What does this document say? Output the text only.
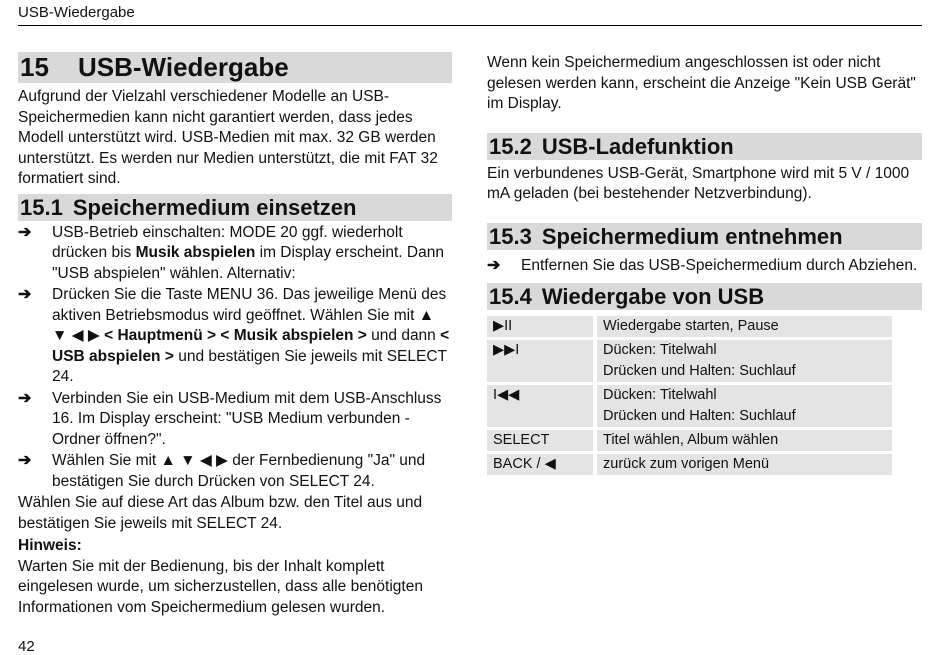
USB-Wiedergabe
15 USB-Wiedergabe

Aufgrund der Vielzahl verschiedener Modelle an USB-Speichermedien kann nicht garantiert werden, dass jedes Modell unterstützt wird. USB-Medien mit max. 32 GB werden unterstützt. Es werden nur Medien unterstützt, die mit FAT 32 formatiert sind.

15.1 Speichermedium einsetzen
➔ USB-Betrieb einschalten: MODE 20 ggf. wiederholt drücken bis Musik abspielen im Display erscheint. Dann "USB abspielen" wählen. Alternativ:
➔ Drücken Sie die Taste MENU 36. Das jeweilige Menü des aktiven Betriebsmodus wird geöffnet. Wählen Sie mit ▲ ▼ ◀ ▶ < Hauptmenü > < Musik abspielen > und dann < USB abspielen > und bestätigen Sie jeweils mit SELECT 24.
➔ Verbinden Sie ein USB-Medium mit dem USB-Anschluss 16. Im Display erscheint: "USB Medium verbunden - Ordner öffnen?".
➔ Wählen Sie mit ▲ ▼ ◀ ▶ der Fernbedienung "Ja" und bestätigen Sie durch Drücken von SELECT 24.

Wählen Sie auf diese Art das Album bzw. den Titel aus und bestätigen Sie jeweils mit SELECT 24.

Hinweis:

Warten Sie mit der Bedienung, bis der Inhalt komplett eingelesen wurde, um sicherzustellen, dass alle benötigten Informationen vom Speichermedium gelesen wurden.

Wenn kein Speichermedium angeschlossen ist oder nicht gelesen werden kann, erscheint die Anzeige "Kein USB Gerät" im Display.

15.2 USB-Ladefunktion

Ein verbundenes USB-Gerät, Smartphone wird mit 5 V / 1000 mA geladen (bei bestehender Netzverbindung).

15.3 Speichermedium entnehmen
➔ Entfernen Sie das USB-Speichermedium durch Abziehen.
15.4 Wiedergabe von USB
▶II	Wiedergabe starten, Pause

▶▶I	Dücken: Titelwahl
Drücken und Halten: Suchlauf

I◀◀	Dücken: Titelwahl
Drücken und Halten: Suchlauf

SELECT	Titel wählen, Album wählen

BACK / ◀	zurück zum vorigen Menü
42
